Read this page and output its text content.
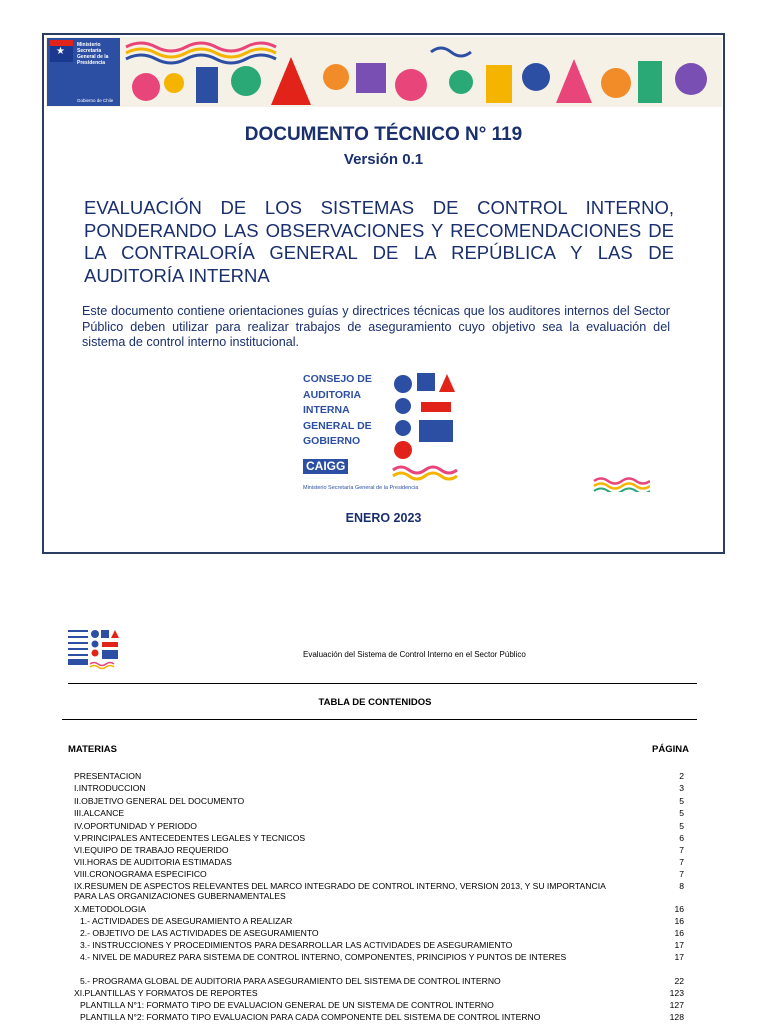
★
Ministerio Secretaría General de la Presidencia
Gobierno de Chile
DOCUMENTO TÉCNICO N° 119
Versión 0.1
EVALUACIÓN DE LOS SISTEMAS DE CONTROL INTERNO, PONDERANDO LAS OBSERVACIONES Y RECOMENDACIONES DE LA CONTRALORÍA GENERAL DE LA REPÚBLICA Y LAS DE AUDITORÍA INTERNA
Este documento contiene orientaciones guías y directrices técnicas que los auditores internos del Sector Público deben utilizar para realizar trabajos de aseguramiento cuyo objetivo sea la evaluación del sistema de control interno institucional.
CONSEJO DE
AUDITORIA
INTERNA
GENERAL DE
GOBIERNO
CAIGG
Ministerio Secretaría General de la Presidencia
ENERO 2023
Evaluación del Sistema de Control Interno en el Sector Público
TABLA DE CONTENIDOS
MATERIAS	PÁGINA
PRESENTACION	2
I.INTRODUCCION	3
II.OBJETIVO GENERAL DEL DOCUMENTO	5
III.ALCANCE	5
IV.OPORTUNIDAD Y PERIODO	5
V.PRINCIPALES ANTECEDENTES LEGALES Y TECNICOS	6
VI.EQUIPO DE TRABAJO REQUERIDO	7
VII.HORAS DE AUDITORIA ESTIMADAS	7
VIII.CRONOGRAMA ESPECIFICO	7
IX.RESUMEN DE ASPECTOS RELEVANTES DEL MARCO INTEGRADO DE CONTROL INTERNO, VERSION 2013, Y SU IMPORTANCIA PARA LAS ORGANIZACIONES GUBERNAMENTALES
8
X.METODOLOGIA	16
1.- ACTIVIDADES DE ASEGURAMIENTO A REALIZAR	16
2.- OBJETIVO DE LAS ACTIVIDADES DE ASEGURAMIENTO	16
3.- INSTRUCCIONES Y PROCEDIMIENTOS PARA DESARROLLAR LAS ACTIVIDADES DE ASEGURAMIENTO	17
4.- NIVEL DE MADUREZ PARA SISTEMA DE CONTROL INTERNO, COMPONENTES, PRINCIPIOS Y PUNTOS DE INTERES	17
5.- PROGRAMA GLOBAL DE AUDITORIA PARA ASEGURAMIENTO DEL SISTEMA DE CONTROL INTERNO	22
XI.PLANTILLAS Y FORMATOS DE REPORTES	123
PLANTILLA N°1: FORMATO TIPO DE EVALUACION GENERAL DE UN SISTEMA DE CONTROL INTERNO	127
PLANTILLA N°2: FORMATO TIPO EVALUACION PARA CADA COMPONENTE DEL SISTEMA DE CONTROL INTERNO	128
